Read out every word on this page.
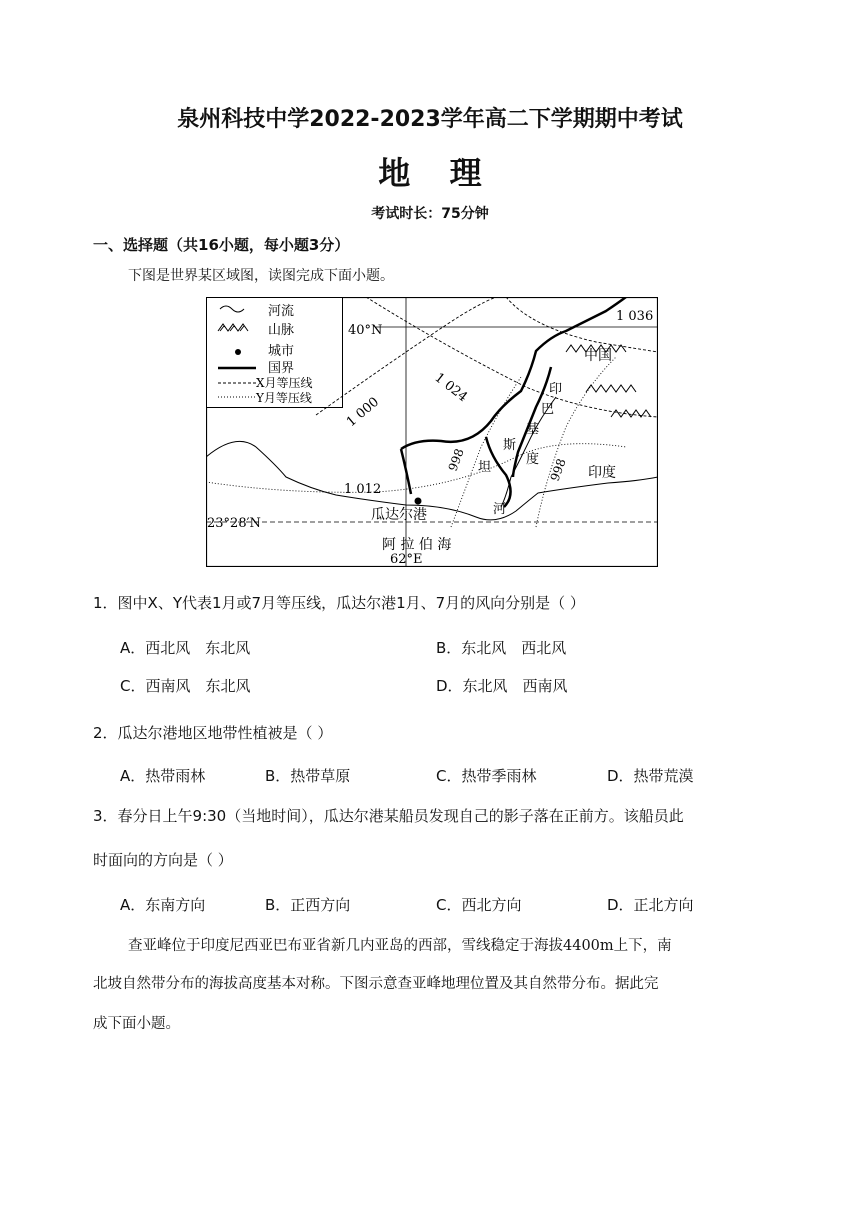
泉州科技中学2022-2023学年高二下学期期中考试
地 理
考试时长：75分钟
一、选择题（共16小题，每小题3分）
下图是世界某区域图，读图完成下面小题。
河流
山脉
城市
国界
X月等压线
Y月等压线
40°N
23°28′N
62°E
1 036
1 024
1 000
1 012
998	998
中国
印度
瓜达尔港
阿 拉 伯 海
印
巴
基
斯
度
坦
河
1．图中X、Y代表1月或7月等压线，瓜达尔港1月、7月的风向分别是（ ）
A．西北风　东北风	B．东北风　西北风
C．西南风　东北风	D．东北风　西南风
2．瓜达尔港地区地带性植被是（ ）
A．热带雨林	B．热带草原	C．热带季雨林	D．热带荒漠
3．春分日上午9:30（当地时间），瓜达尔港某船员发现自己的影子落在正前方。该船员此
时面向的方向是（ ）
A．东南方向	B．正西方向	C．西北方向	D．正北方向
查亚峰位于印度尼西亚巴布亚省新几内亚岛的西部，雪线稳定于海拔4400m上下，南
北坡自然带分布的海拔高度基本对称。下图示意查亚峰地理位置及其自然带分布。据此完
成下面小题。
